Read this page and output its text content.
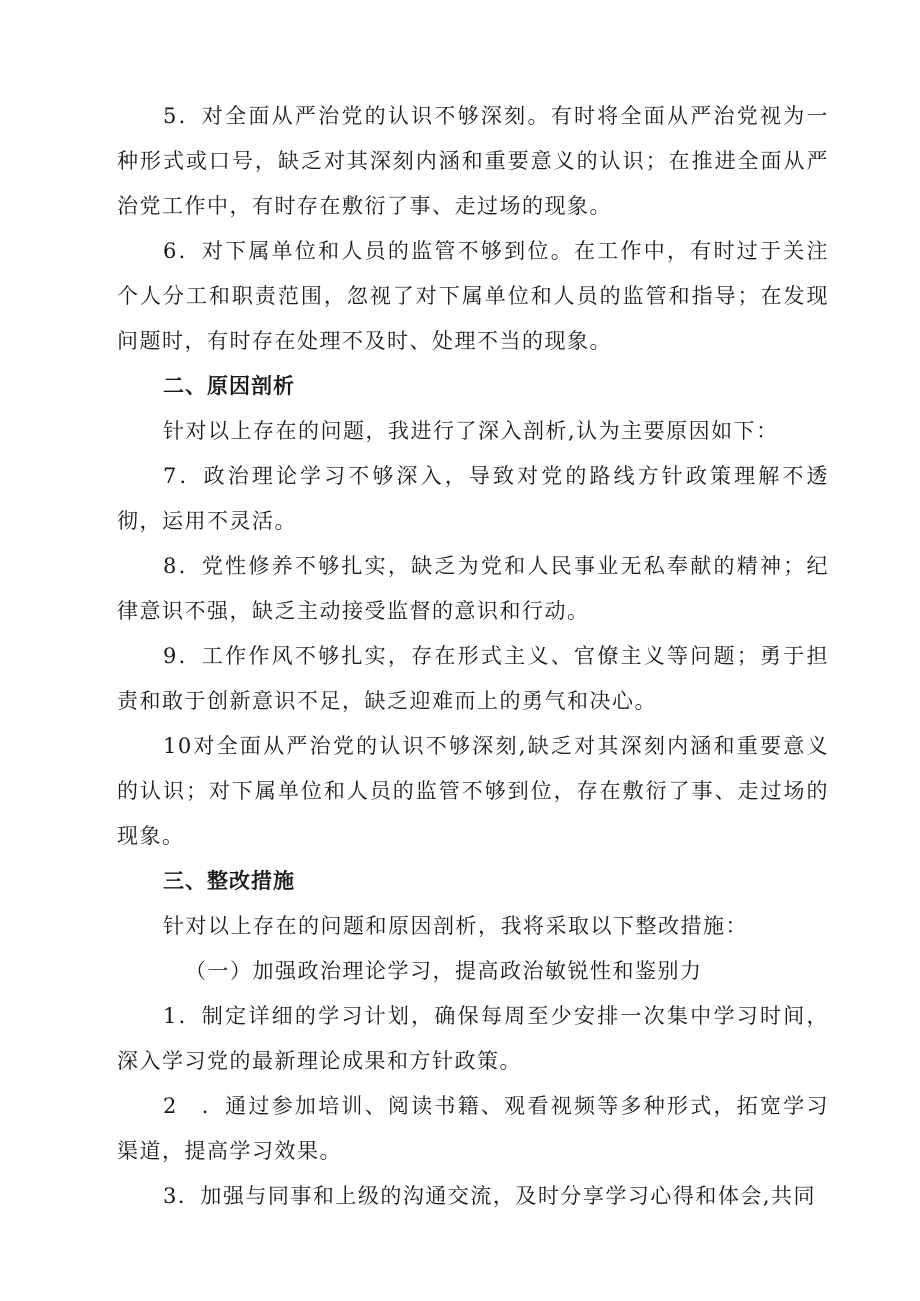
5．对全面从严治党的认识不够深刻。有时将全面从严治党视为一种形式或口号，缺乏对其深刻内涵和重要意义的认识；在推进全面从严治党工作中，有时存在敷衍了事、走过场的现象。

6．对下属单位和人员的监管不够到位。在工作中，有时过于关注个人分工和职责范围，忽视了对下属单位和人员的监管和指导；在发现问题时，有时存在处理不及时、处理不当的现象。

二、原因剖析

针对以上存在的问题，我进行了深入剖析,认为主要原因如下：

7．政治理论学习不够深入，导致对党的路线方针政策理解不透彻，运用不灵活。

8．党性修养不够扎实，缺乏为党和人民事业无私奉献的精神；纪律意识不强，缺乏主动接受监督的意识和行动。

9．工作作风不够扎实，存在形式主义、官僚主义等问题；勇于担责和敢于创新意识不足，缺乏迎难而上的勇气和决心。

10对全面从严治党的认识不够深刻,缺乏对其深刻内涵和重要意义的认识；对下属单位和人员的监管不够到位，存在敷衍了事、走过场的现象。

三、整改措施

针对以上存在的问题和原因剖析，我将采取以下整改措施：

（一）加强政治理论学习，提高政治敏锐性和鉴别力

1．制定详细的学习计划，确保每周至少安排一次集中学习时间，深入学习党的最新理论成果和方针政策。

2　．通过参加培训、阅读书籍、观看视频等多种形式，拓宽学习渠道，提高学习效果。

3．加强与同事和上级的沟通交流，及时分享学习心得和体会,共同
